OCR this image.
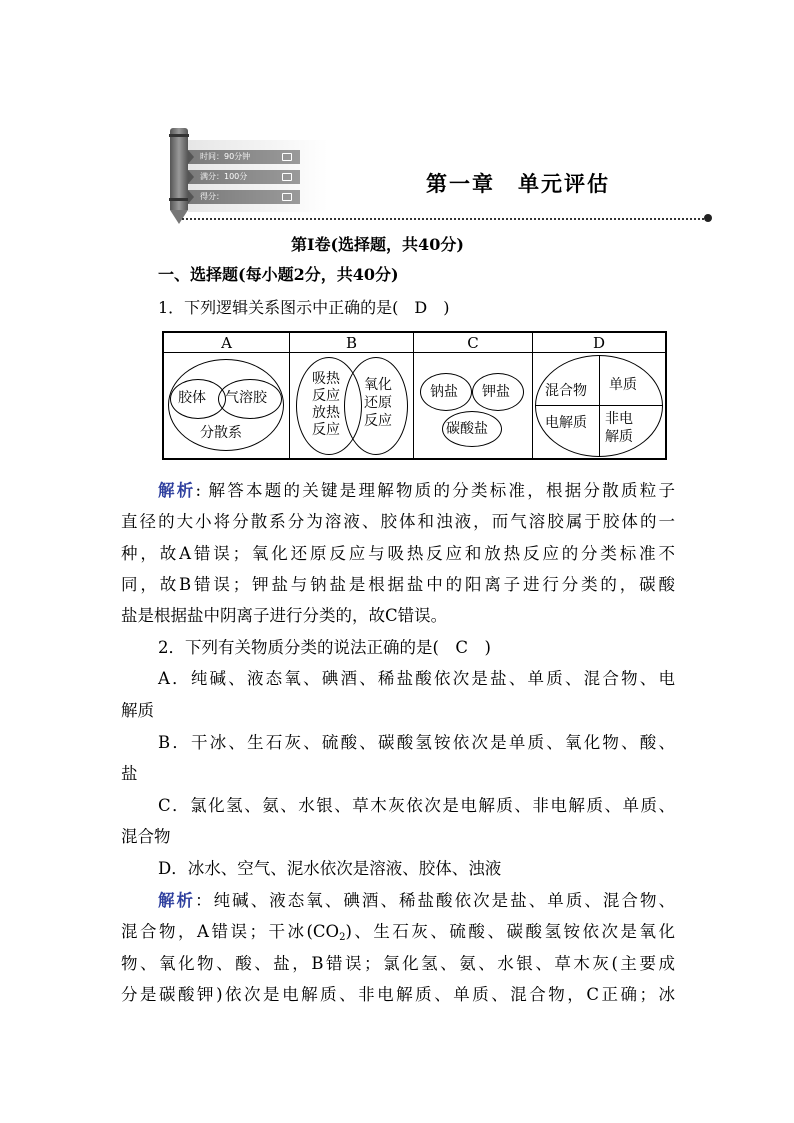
时间：90分钟
满分：100分
得分：
第一章　单元评估
第Ⅰ卷(选择题，共40分)
一、选择题(每小题2分，共40分)
1．下列逻辑关系图示中正确的是(　D　)
A
胶体 气溶胶
分散系
B
吸热
反应
放热
反应
氧化
还原
反应
C
钠盐 钾盐
碳酸盐
D
混合物 单质
电解质 非电
解质
解析: 解答本题的关键是理解物质的分类标准，根据分散质粒子
直径的大小将分散系分为溶液、胶体和浊液，而气溶胶属于胶体的一
种，故A错误；氧化还原反应与吸热反应和放热反应的分类标准不
同，故B错误；钾盐与钠盐是根据盐中的阳离子进行分类的，碳酸
盐是根据盐中阴离子进行分类的，故C错误。
2．下列有关物质分类的说法正确的是(　C　)
A．纯碱、液态氧、碘酒、稀盐酸依次是盐、单质、混合物、电
解质
B．干冰、生石灰、硫酸、碳酸氢铵依次是单质、氧化物、酸、
盐
C．氯化氢、氨、水银、草木灰依次是电解质、非电解质、单质、
混合物
D．冰水、空气、泥水依次是溶液、胶体、浊液
解析：纯碱、液态氧、碘酒、稀盐酸依次是盐、单质、混合物、
混合物，A错误；干冰$(CO_2)$、生石灰、硫酸、碳酸氢铵依次是氧化
物、氧化物、酸、盐，B错误；氯化氢、氨、水银、草木灰(主要成
分是碳酸钾)依次是电解质、非电解质、单质、混合物，C正确；冰
